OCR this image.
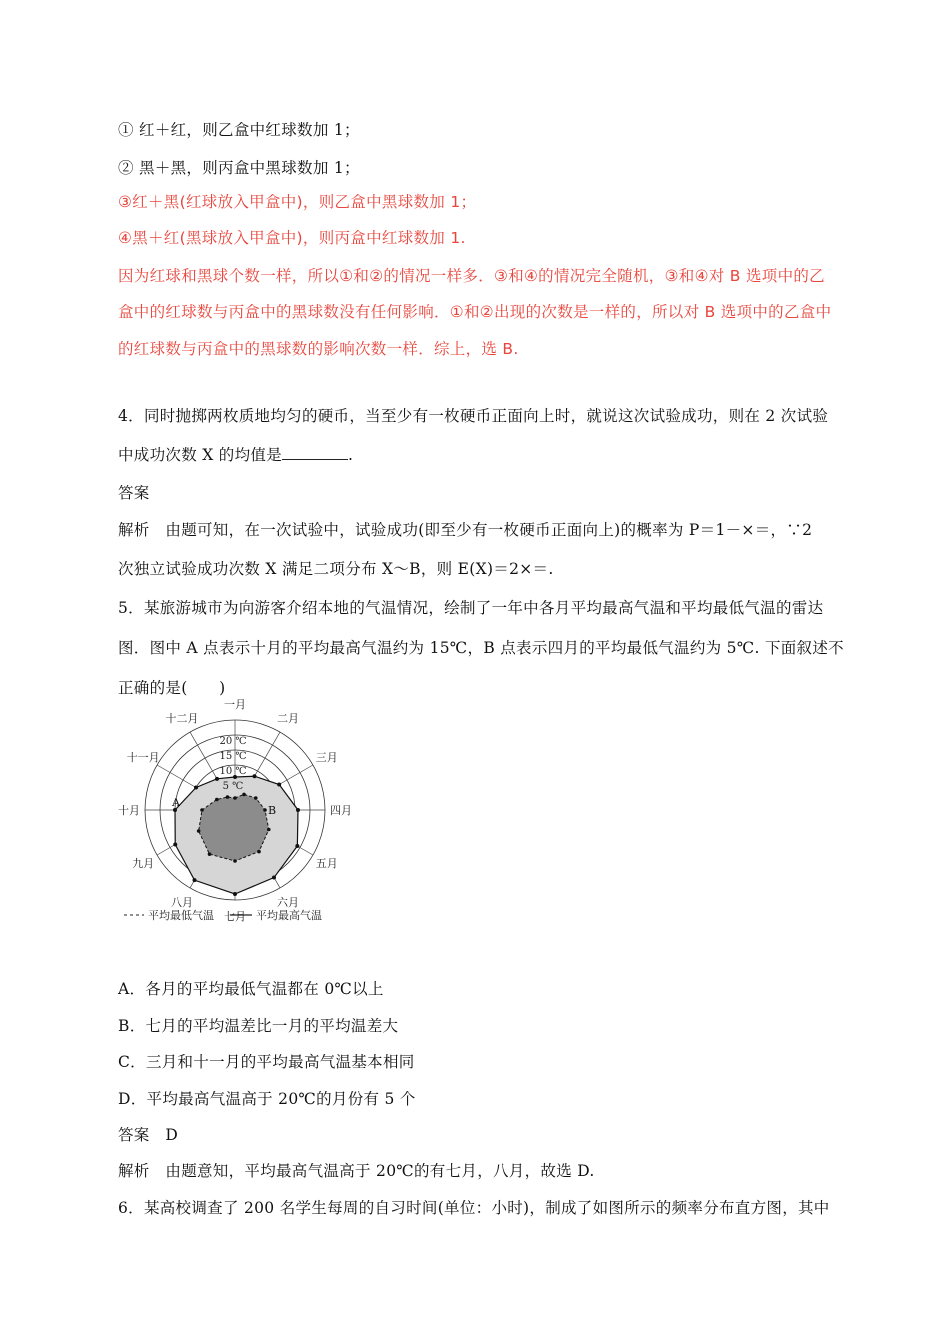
① 红＋红，则乙盒中红球数加 1；
② 黑＋黑，则丙盒中黑球数加 1；
③红＋黑(红球放入甲盒中)，则乙盒中黑球数加 1；
④黑＋红(黑球放入甲盒中)，则丙盒中红球数加 1.
因为红球和黑球个数一样，所以①和②的情况一样多．③和④的情况完全随机，③和④对 B 选项中的乙
盒中的红球数与丙盒中的黑球数没有任何影响．①和②出现的次数是一样的，所以对 B 选项中的乙盒中
的红球数与丙盒中的黑球数的影响次数一样．综上，选 B.
4．同时抛掷两枚质地均匀的硬币，当至少有一枚硬币正面向上时，就说这次试验成功，则在 2 次试验
中成功次数 X 的均值是	.
答案
解析　由题可知，在一次试验中，试验成功(即至少有一枚硬币正面向上)的概率为 P＝1－×＝，∵2
次独立试验成功次数 X 满足二项分布 X～B，则 E(X)＝2×＝.
5．某旅游城市为向游客介绍本地的气温情况，绘制了一年中各月平均最高气温和平均最低气温的雷达
图．图中 A 点表示十月的平均最高气温约为 15℃，B 点表示四月的平均最低气温约为 5℃. 下面叙述不
正确的是(　　)
一月
二月
三月
四月
五月
六月
七月
八月
九月
十月
十一月
十二月
20 ℃
15 ℃
10 ℃
5 ℃
A
B
平均最低气温	平均最高气温
A．各月的平均最低气温都在 0℃以上
B．七月的平均温差比一月的平均温差大
C．三月和十一月的平均最高气温基本相同
D．平均最高气温高于 20℃的月份有 5 个
答案　D
解析　由题意知，平均最高气温高于 20℃的有七月，八月，故选 D.
6．某高校调查了 200 名学生每周的自习时间(单位：小时)，制成了如图所示的频率分布直方图，其中
